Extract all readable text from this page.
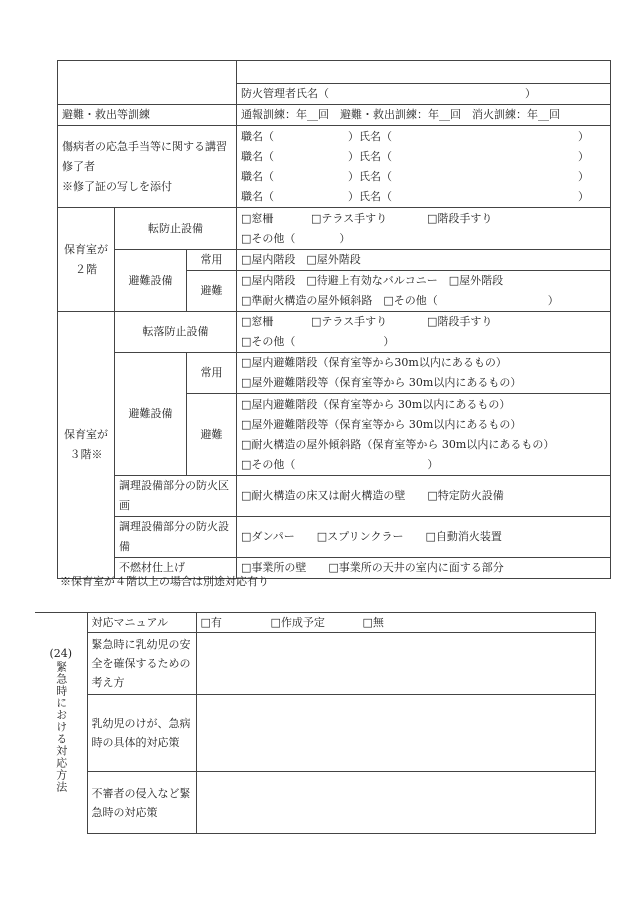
			防火管理者氏名（ ）
避難・救出等訓練			通報訓練：年__回　避難・救出訓練：年__回　消火訓練：年__回
傷病者の応急手当等に関する講習修了者
※修了証の写しを添付			職名（ ）氏名（ ）
職名（ ）氏名（ ）
職名（ ）氏名（ ）
職名（ ）氏名（ ）

保育室が２階	転防止設備		□窓柵 □テラス手すり □階段手すり
□その他（　　　　）

	避難設備	常用	□屋内階段　□屋外階段
		避難	□屋内階段　□待避上有効なバルコニー　□屋外階段
□準耐火構造の屋外傾斜路　□その他（　　　　　　　　　　）

保育室が３階※	転落防止設備		□窓柵 □テラス手すり □階段手すり
□その他（　　　　　　　　）

	避難設備	常用	□屋内避難階段（保育室等から30m以内にあるもの）
□屋外避難階段等（保育室等から 30m以内にあるもの）

		避難	□屋内避難階段（保育室等から 30m以内にあるもの）
□屋外避難階段等（保育室等から 30m以内にあるもの）
□耐火構造の屋外傾斜路（保育室等から 30m以内にあるもの）
□その他（　　　　　　　　　　　　）

	調理設備部分の防火区画		□耐火構造の床又は耐火構造の壁　　□特定防火設備
	調理設備部分の防火設備		□ダンパー　　□スプリンクラー　　□自動消火装置
	不燃材仕上げ		□事業所の壁　　□事業所の天井の室内に面する部分
※保育室が４階以上の場合は別途対応有り
(24)
緊急時における対応方法	対応マニュアル	□有 □作成予定 □無
	緊急時に乳幼児の安全を確保するための考え方	
	乳幼児のけが、急病時の具体的対応策	
	不審者の侵入など緊急時の対応策	
